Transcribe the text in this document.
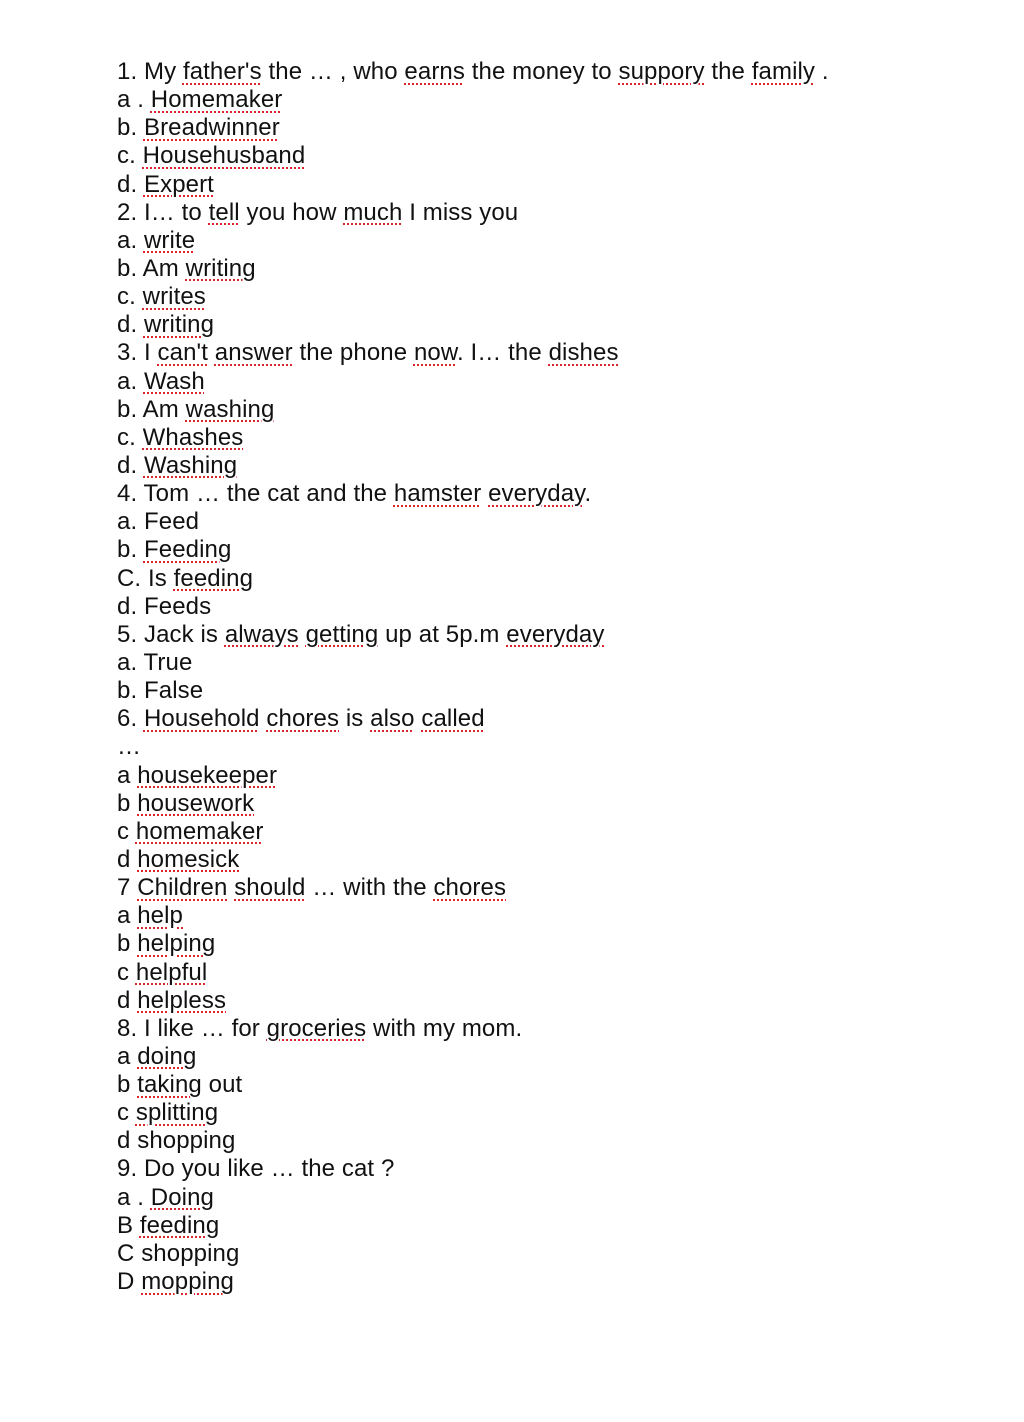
1. My father's the … , who earns the money to suppory the family .
a . Homemaker
b. Breadwinner
c. Househusband
d. Expert
2. I… to tell you how much I miss you
a. write
b. Am writing
c. writes
d. writing
3. I can't answer the phone now. I… the dishes
a. Wash
b. Am washing
c. Whashes
d. Washing
4. Tom … the cat and the hamster everyday.
a. Feed
b. Feeding
C. Is feeding
d. Feeds
5. Jack is always getting up at 5p.m everyday
a. True
b. False
6. Household chores is also called
…
a housekeeper
b housework
c homemaker
d homesick
7 Children should … with the chores
a help
b helping
c helpful
d helpless
8. I like … for groceries with my mom.
a doing
b taking out
c splitting
d shopping
9. Do you like … the cat ?
a . Doing
B feeding
C shopping
D mopping
